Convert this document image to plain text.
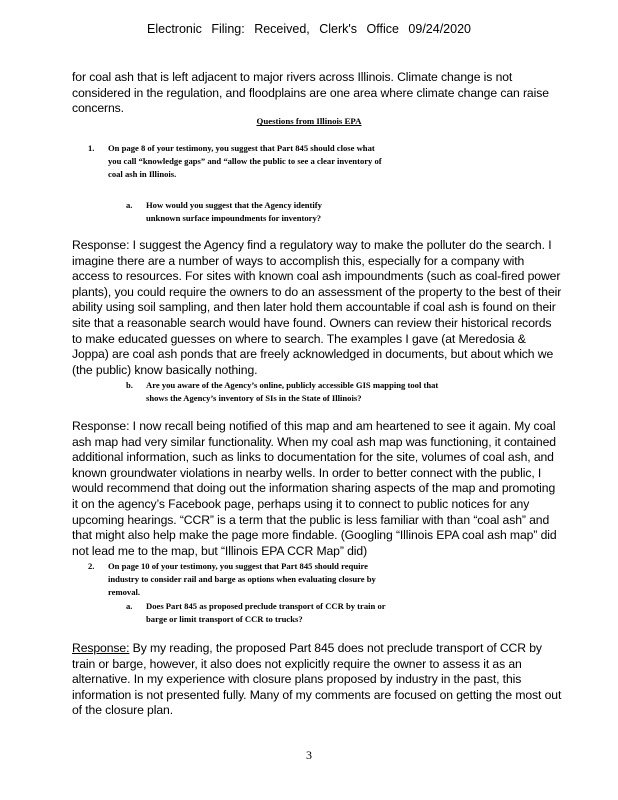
Electronic Filing: Received, Clerk's Office 09/24/2020
for coal ash that is left adjacent to major rivers across Illinois. Climate change is not considered in the regulation, and floodplains are one area where climate change can raise concerns.
Questions from Illinois EPA
1.	On page 8 of your testimony, you suggest that Part 845 should close what you call “knowledge gaps” and “allow the public to see a clear inventory of coal ash in Illinois.
a.	How would you suggest that the Agency identify unknown surface impoundments for inventory?
Response: I suggest the Agency find a regulatory way to make the polluter do the search. I imagine there are a number of ways to accomplish this, especially for a company with access to resources. For sites with known coal ash impoundments (such as coal-fired power plants), you could require the owners to do an assessment of the property to the best of their ability using soil sampling, and then later hold them accountable if coal ash is found on their site that a reasonable search would have found. Owners can review their historical records to make educated guesses on where to search. The examples I gave (at Meredosia & Joppa) are coal ash ponds that are freely acknowledged in documents, but about which we (the public) know basically nothing.
b.	Are you aware of the Agency’s online, publicly accessible GIS mapping tool that shows the Agency’s inventory of SIs in the State of Illinois?
Response: I now recall being notified of this map and am heartened to see it again. My coal ash map had very similar functionality. When my coal ash map was functioning, it contained additional information, such as links to documentation for the site, volumes of coal ash, and known groundwater violations in nearby wells. In order to better connect with the public, I would recommend that doing out the information sharing aspects of the map and promoting it on the agency’s Facebook page, perhaps using it to connect to public notices for any upcoming hearings. “CCR” is a term that the public is less familiar with than “coal ash” and that might also help make the page more findable. (Googling “Illinois EPA coal ash map” did not lead me to the map, but “Illinois EPA CCR Map” did)
2.	On page 10 of your testimony, you suggest that Part 845 should require industry to consider rail and barge as options when evaluating closure by removal.
a.	Does Part 845 as proposed preclude transport of CCR by train or barge or limit transport of CCR to trucks?
Response: By my reading, the proposed Part 845 does not preclude transport of CCR by train or barge, however, it also does not explicitly require the owner to assess it as an alternative. In my experience with closure plans proposed by industry in the past, this information is not presented fully. Many of my comments are focused on getting the most out of the closure plan.
3
